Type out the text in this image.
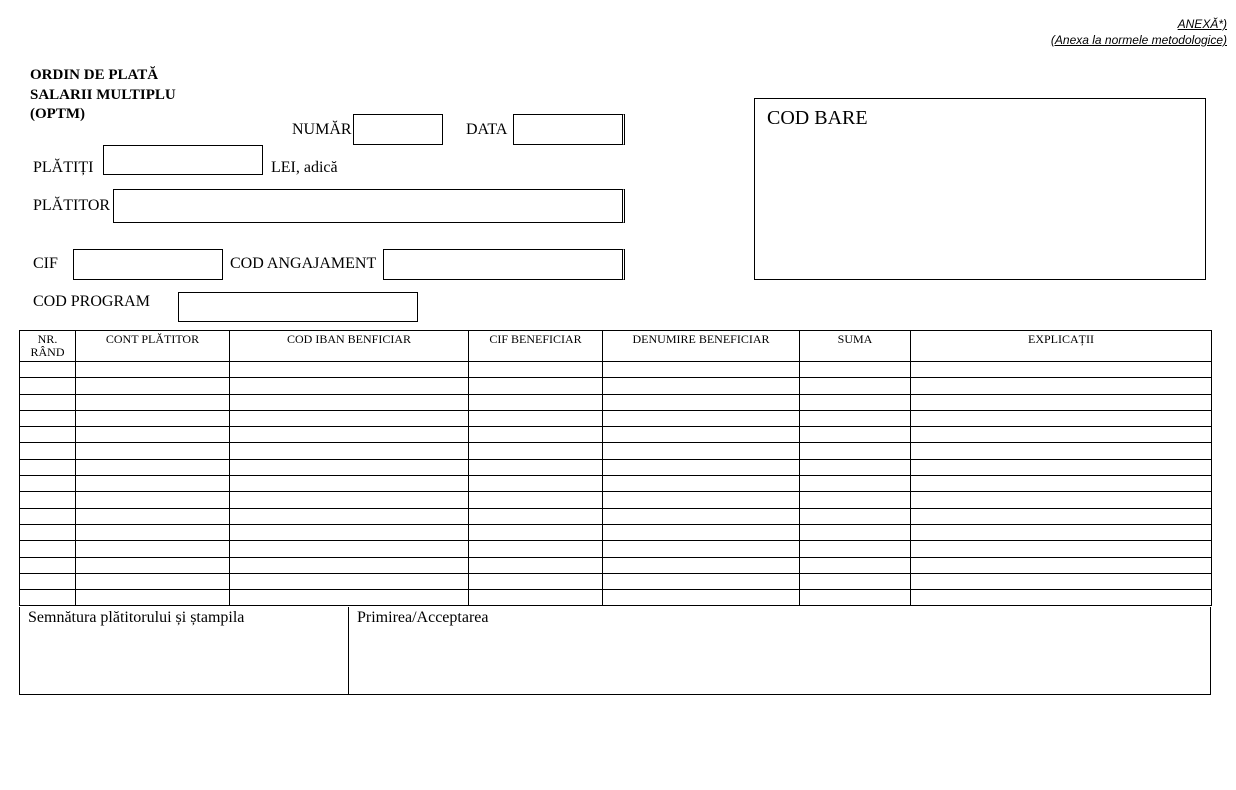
ANEXĂ*)
(Anexa la normele metodologice)
ORDIN DE PLATĂ
SALARII MULTIPLU
(OPTM)
NUMĂR	DATA
PLĂTIȚI	LEI, adică
PLĂTITOR
CIF	COD ANGAJAMENT
COD PROGRAM
COD BARE
NR.
RÂND	CONT PLĂTITOR	COD IBAN BENFICIAR	CIF BENEFICIAR	DENUMIRE BENEFICIAR	SUMA	EXPLICAȚII

Semnătura plătitorului și ștampila	Primirea/Acceptarea
